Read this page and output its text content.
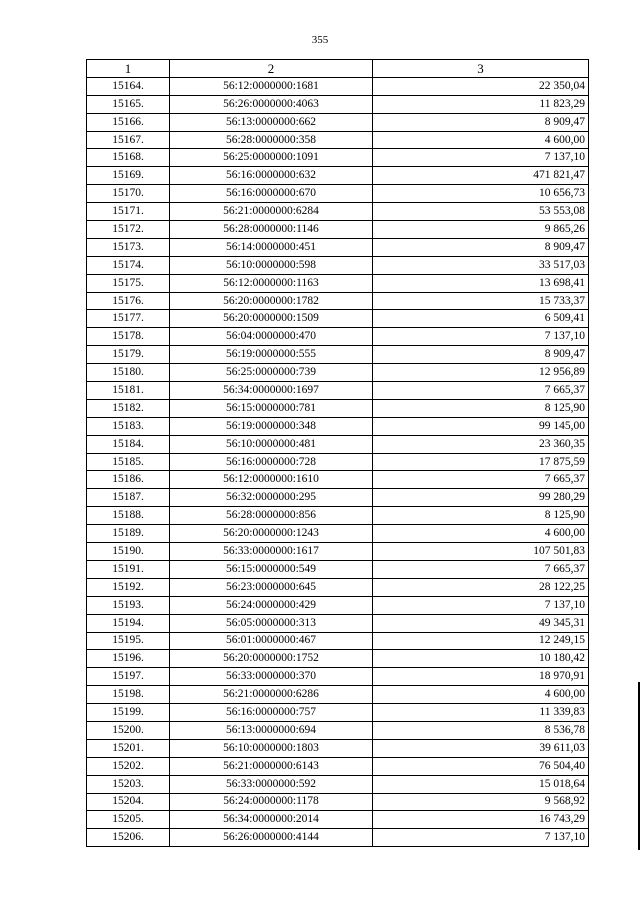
355
1	2	3
15164.	56:12:0000000:1681	22 350,04
15165.	56:26:0000000:4063	11 823,29
15166.	56:13:0000000:662	8 909,47
15167.	56:28:0000000:358	4 600,00
15168.	56:25:0000000:1091	7 137,10
15169.	56:16:0000000:632	471 821,47
15170.	56:16:0000000:670	10 656,73
15171.	56:21:0000000:6284	53 553,08
15172.	56:28:0000000:1146	9 865,26
15173.	56:14:0000000:451	8 909,47
15174.	56:10:0000000:598	33 517,03
15175.	56:12:0000000:1163	13 698,41
15176.	56:20:0000000:1782	15 733,37
15177.	56:20:0000000:1509	6 509,41
15178.	56:04:0000000:470	7 137,10
15179.	56:19:0000000:555	8 909,47
15180.	56:25:0000000:739	12 956,89
15181.	56:34:0000000:1697	7 665,37
15182.	56:15:0000000:781	8 125,90
15183.	56:19:0000000:348	99 145,00
15184.	56:10:0000000:481	23 360,35
15185.	56:16:0000000:728	17 875,59
15186.	56:12:0000000:1610	7 665,37
15187.	56:32:0000000:295	99 280,29
15188.	56:28:0000000:856	8 125,90
15189.	56:20:0000000:1243	4 600,00
15190.	56:33:0000000:1617	107 501,83
15191.	56:15:0000000:549	7 665,37
15192.	56:23:0000000:645	28 122,25
15193.	56:24:0000000:429	7 137,10
15194.	56:05:0000000:313	49 345,31
15195.	56:01:0000000:467	12 249,15
15196.	56:20:0000000:1752	10 180,42
15197.	56:33:0000000:370	18 970,91
15198.	56:21:0000000:6286	4 600,00
15199.	56:16:0000000:757	11 339,83
15200.	56:13:0000000:694	8 536,78
15201.	56:10:0000000:1803	39 611,03
15202.	56:21:0000000:6143	76 504,40
15203.	56:33:0000000:592	15 018,64
15204.	56:24:0000000:1178	9 568,92
15205.	56:34:0000000:2014	16 743,29
15206.	56:26:0000000:4144	7 137,10
